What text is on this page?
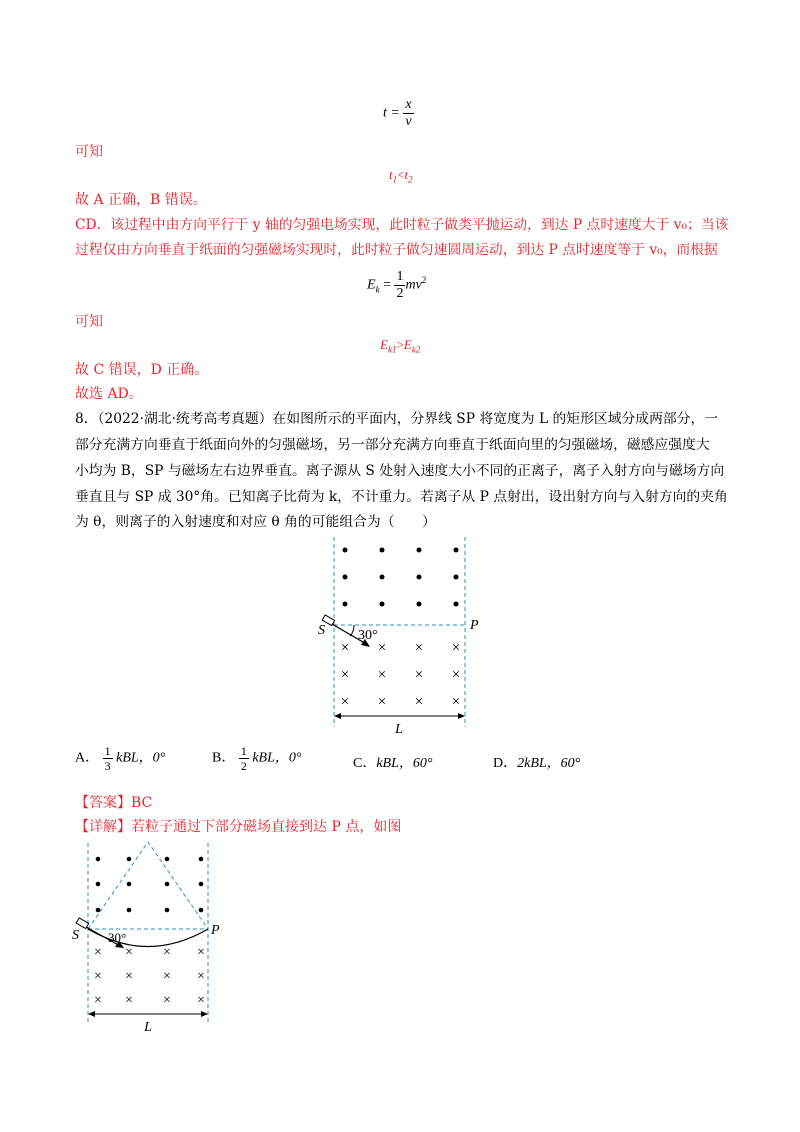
$t = \frac{x}{v}$
可知
$t_1<t_2$
故 A 正确，B 错误。
CD．该过程中由方向平行于 y 轴的匀强电场实现，此时粒子做类平抛运动，到达 P 点时速度大于 v₀；当该
过程仅由方向垂直于纸面的匀强磁场实现时，此时粒子做匀速圆周运动，到达 P 点时速度等于 v₀，而根据
$E_k = \frac{1}{2} mv^2$
可知
$E_{k1}>E_{k2}$
故 C 错误，D 正确。
故选 AD。
8．（2022·湖北·统考高考真题）在如图所示的平面内，分界线 SP 将宽度为 L 的矩形区域分成两部分，一
部分充满方向垂直于纸面向外的匀强磁场，另一部分充满方向垂直于纸面向里的匀强磁场，磁感应强度大
小均为 B，SP 与磁场左右边界垂直。离子源从 S 处射入速度大小不同的正离子，离子入射方向与磁场方向
垂直且与 SP 成 30°角。已知离子比荷为 k，不计重力。若离子从 P 点射出，设出射方向与入射方向的夹角
为 θ，则离子的入射速度和对应 θ 角的可能组合为（　　）
× × × ×
× × × ×
× × × ×
S	P
30°
L
A． $\frac{1}{3}$ kBL，0°	B． $\frac{1}{2}$ kBL，0°	C．kBL，60°	D．2kBL，60°
【答案】BC
【详解】若粒子通过下部分磁场直接到达 P 点，如图
× × × ×
× × × ×
× × × ×
S	P
30°
L
